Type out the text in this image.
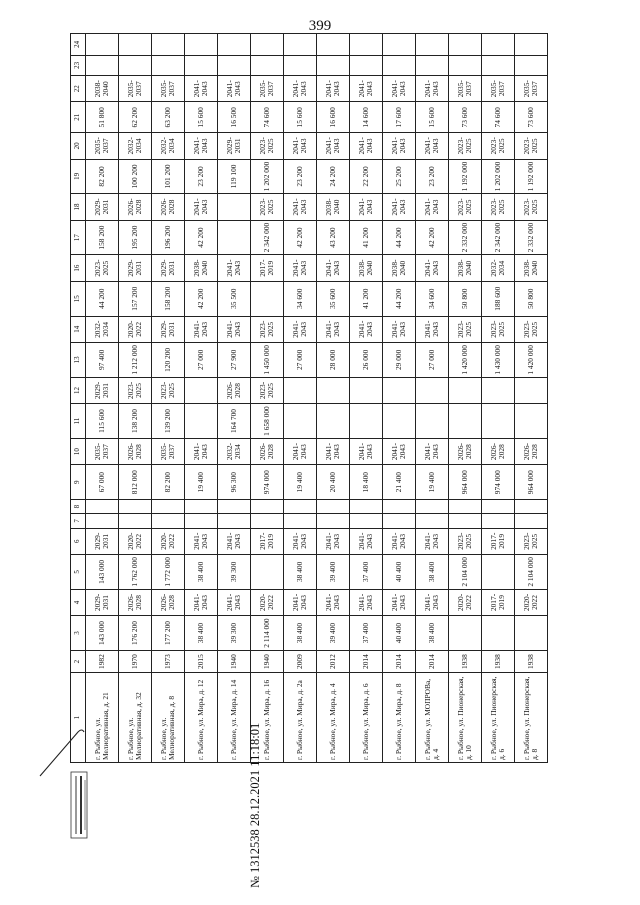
399
1	2	3	4	5	6	7	8	9	10	11	12	13	14	15	16	17	18	19	20	21	22	23	24
г. Рыбное, ул. Мелиоративная, д. 21	1982	143 000	2029-2031	143 000	2029-2031			67 000	2035-2037	115 600	2029-2031	97 400	2032-2034	44 200	2023-2025	158 200	2029-2031	82 200	2035-2037	51 800	2038-2040		
г. Рыбное, ул. Мелиоративная, д. 32	1970	176 200	2026-2028	1 762 000	2020-2022			812 000	2026-2028	138 200	2023-2025	1 212 000	2020-2022	157 200	2029-2031	195 200	2026-2028	100 200	2032-2034	62 200	2035-2037		
г. Рыбное, ул. Мелиоративная, д. 8	1973	177 200	2026-2028	1 772 000	2020-2022			82 200	2035-2037	139 200	2023-2025	120 200	2029-2031	158 200	2029-2031	196 200	2026-2028	101 200	2032-2034	63 200	2035-2037		
г. Рыбное, ул. Мира, д. 12	2015	38 400	2041-2043	38 400	2041-2043			19 400	2041-2043			27 000	2041-2043	42 200	2038-2040	42 200	2041-2043	23 200	2041-2043	15 600	2041-2043		
г. Рыбное, ул. Мира, д. 14	1940	39 300	2041-2043	39 300	2041-2043			96 300	2032-2034	164 700	2026-2028	27 900	2041-2043	35 500	2041-2043			119 100	2029-2031	16 500	2041-2043		
г. Рыбное, ул. Мира, д. 16	1940	2 114 000	2020-2022		2017-2019			974 000	2026-2028	1 658 000	2023-2025	1 450 000	2023-2025		2017-2019	2 342 000	2023-2025	1 202 000	2023-2025	74 600	2035-2037		
г. Рыбное, ул. Мира, д. 2а	2009	38 400	2041-2043	38 400	2041-2043			19 400	2041-2043			27 000	2041-2043	34 600	2041-2043	42 200	2041-2043	23 200	2041-2043	15 600	2041-2043		
г. Рыбное, ул. Мира, д. 4	2012	39 400	2041-2043	39 400	2041-2043			20 400	2041-2043			28 000	2041-2043	35 600	2041-2043	43 200	2038-2040	24 200	2041-2043	16 600	2041-2043		
г. Рыбное, ул. Мира, д. 6	2014	37 400	2041-2043	37 400	2041-2043			18 400	2041-2043			26 000	2041-2043	41 200	2038-2040	41 200	2041-2043	22 200	2041-2043	14 600	2041-2043		
г. Рыбное, ул. Мира, д. 8	2014	40 400	2041-2043	40 400	2041-2043			21 400	2041-2043			29 000	2041-2043	44 200	2038-2040	44 200	2041-2043	25 200	2041-2043	17 600	2041-2043		
г. Рыбное, ул. МОПРОВа, д. 4	2014	38 400	2041-2043	38 400	2041-2043			19 400	2041-2043			27 000	2041-2043	34 600	2041-2043	42 200	2041-2043	23 200	2041-2043	15 600	2041-2043		
г. Рыбное, ул. Пионерская, д. 10	1938		2020-2022	2 104 000	2023-2025			964 000	2026-2028			1 420 000	2023-2025	50 800	2038-2040	2 332 000	2023-2025	1 192 000	2023-2025	73 600	2035-2037		
г. Рыбное, ул. Пионерская, д. 6	1938		2017-2019		2017-2019			974 000	2026-2028			1 430 000	2023-2025	188 600	2032-2034	2 342 000	2023-2025	1 202 000	2023-2025	74 600	2035-2037		
г. Рыбное, ул. Пионерская, д. 8	1938		2020-2022	2 104 000	2023-2025			964 000	2026-2028			1 420 000	2023-2025	50 800	2038-2040	2 332 000	2023-2025	1 192 000	2023-2025	73 600	2035-2037		
№ 1312538 28.12.2021 11:18:01
